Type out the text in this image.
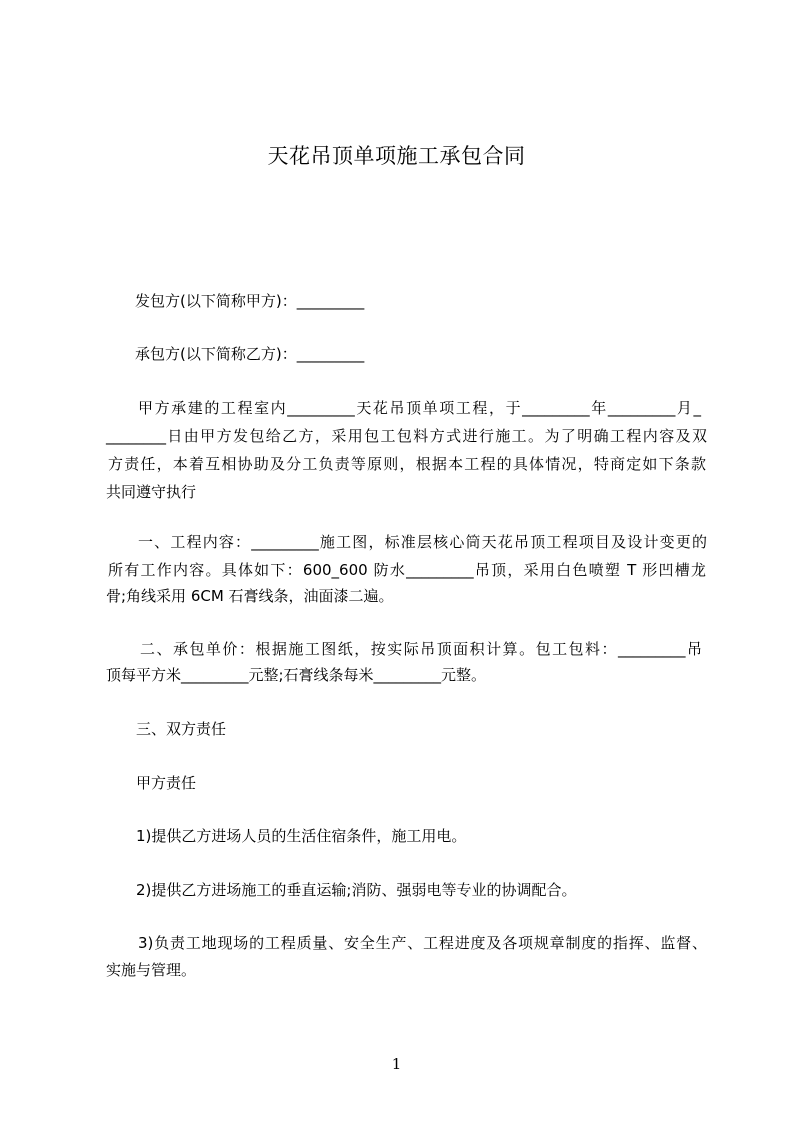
天花吊顶单项施工承包合同
发包方(以下简称甲方)：_________
承包方(以下简称乙方)：_________
甲方承建的工程室内_________天花吊顶单项工程，于_________年_________月_
________日由甲方发包给乙方，采用包工包料方式进行施工。为了明确工程内容及双
方责任，本着互相协助及分工负责等原则，根据本工程的具体情况，特商定如下条款
共同遵守执行
一、工程内容：_________施工图，标准层核心筒天花吊顶工程项目及设计变更的
所有工作内容。具体如下：600_600 防水_________吊顶，采用白色喷塑 T 形凹槽龙
骨;角线采用 6CM 石膏线条，油面漆二遍。
二、承包单价：根据施工图纸，按实际吊顶面积计算。包工包料：_________吊
顶每平方米_________元整;石膏线条每米_________元整。
三、双方责任
甲方责任
1)提供乙方进场人员的生活住宿条件，施工用电。
2)提供乙方进场施工的垂直运输;消防、强弱电等专业的协调配合。
3)负责工地现场的工程质量、安全生产、工程进度及各项规章制度的指挥、监督、
实施与管理。
1
